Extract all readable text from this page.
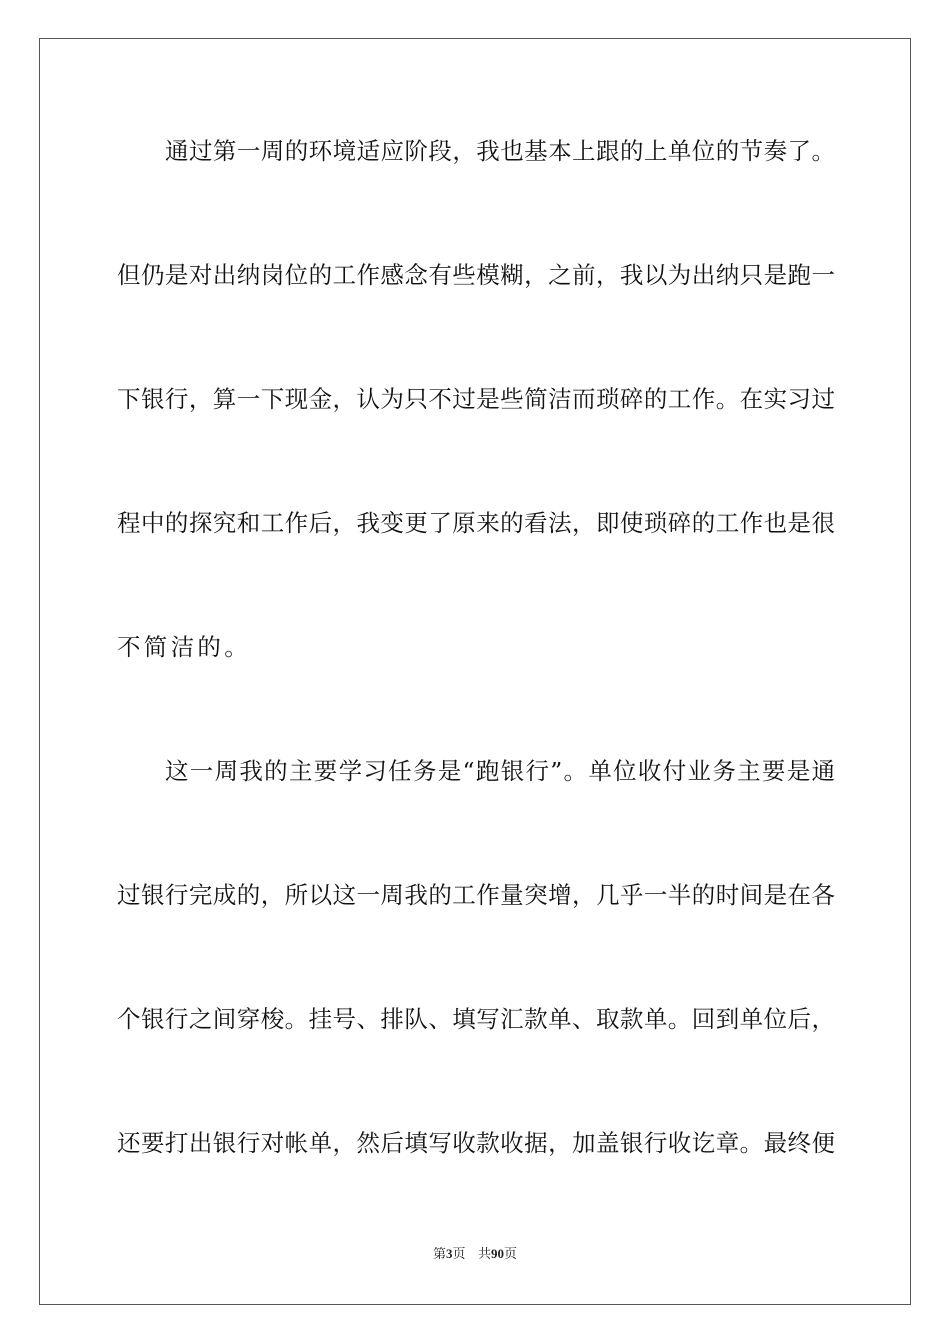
通过第一周的环境适应阶段，我也基本上跟的上单位的节奏了。
但仍是对出纳岗位的工作感念有些模糊，之前，我以为出纳只是跑一
下银行，算一下现金，认为只不过是些简洁而琐碎的工作。在实习过
程中的探究和工作后，我变更了原来的看法，即使琐碎的工作也是很
不简洁的。
这一周我的主要学习任务是“跑银行”。单位收付业务主要是通
过银行完成的，所以这一周我的工作量突增，几乎一半的时间是在各
个银行之间穿梭。挂号、排队、填写汇款单、取款单。回到单位后，
还要打出银行对帐单，然后填写收款收据，加盖银行收讫章。最终便
第3页 共90页
